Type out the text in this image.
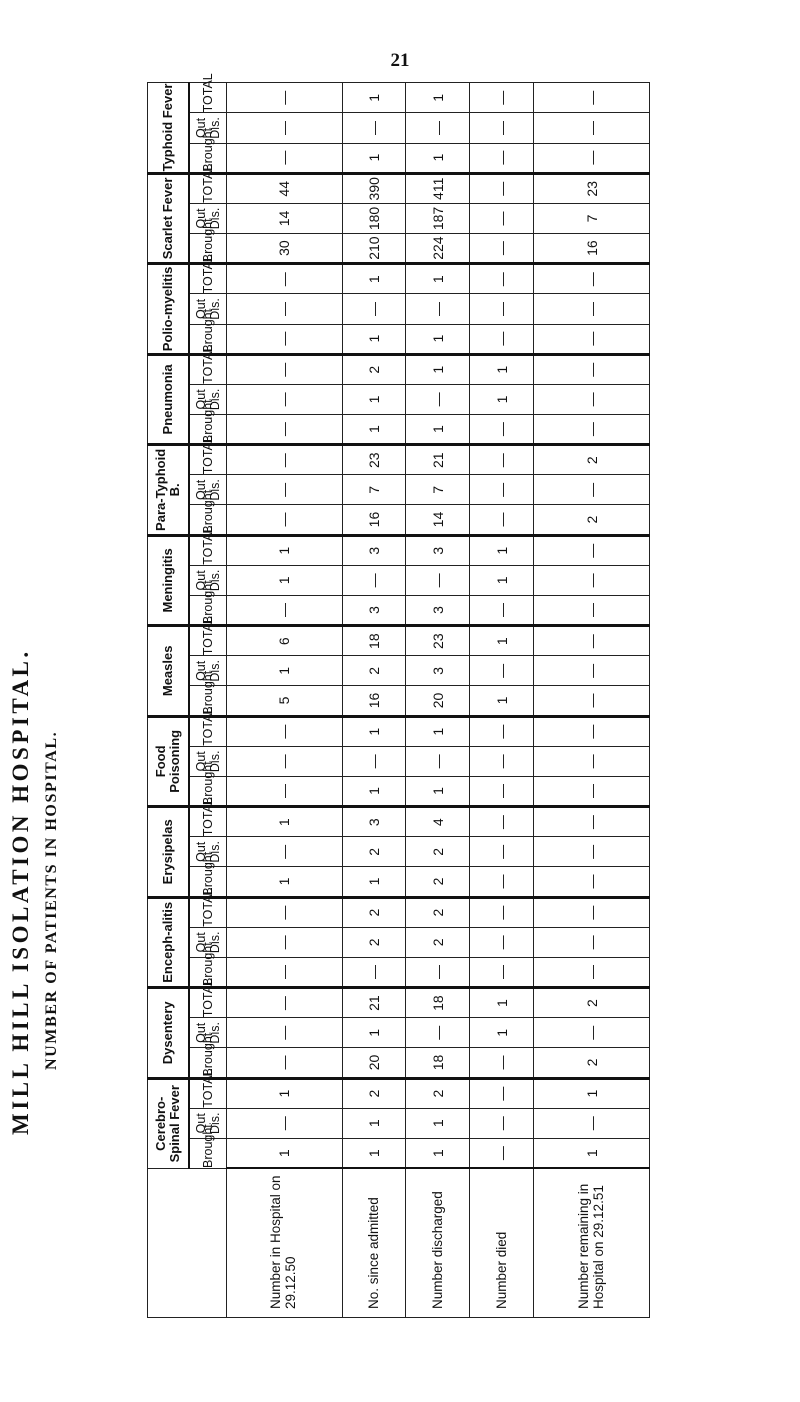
21
MILL HILL ISOLATION HOSPITAL. NUMBER OF PATIENTS IN HOSPITAL.
	Cerebro-Spinal Fever			Dysentery			Enceph-alitis			Erysipelas			Food Poisoning			Measles			Meningitis			Para-Typhoid B.			Pneumonia			Polio-myelitis			Scarlet Fever			Typhoid Fever		
	Brought	Out Dis.	TOTAL	Brought	Out Dis.	TOTAL	Brought	Out Dis.	TOTAL	Brought	Out Dis.	TOTAL	Brought	Out Dis.	TOTAL	Brought	Out Dis.	TOTAL	Brought	Out Dis.	TOTAL	Brought	Out Dis.	TOTAL	Brought	Out Dis.	TOTAL	Brought	Out Dis.	TOTAL	Brought	Out Dis.	TOTAL	Brought	Out Dis.	TOTAL
Number in Hospital on 29.12.50	1	—	1	—	—	—	—	—	—	1	—	1	—	—	—	5	1	6	—	1	1	—	—	—	—	—	—	—	—	—	30	14	44	—	—	—
No. since admitted	1	1	2	20	1	21	—	2	2	1	2	3	1	—	1	16	2	18	3	—	3	16	7	23	1	1	2	1	—	1	210	180	390	1	—	1
Number discharged	1	1	2	18	—	18	—	2	2	2	2	4	1	—	1	20	3	23	3	—	3	14	7	21	1	—	1	1	—	1	224	187	411	1	—	1
Number died	—	—	—	—	1	1	—	—	—	—	—	—	—	—	—	1	—	1	—	1	1	—	—	—	—	1	1	—	—	—	—	—	—	—	—	—
Number remaining in Hospital on 29.12.51	1	—	1	2	—	2	—	—	—	—	—	—	—	—	—	—	—	—	—	—	—	2	—	2	—	—	—	—	—	—	16	7	23	—	—	—
